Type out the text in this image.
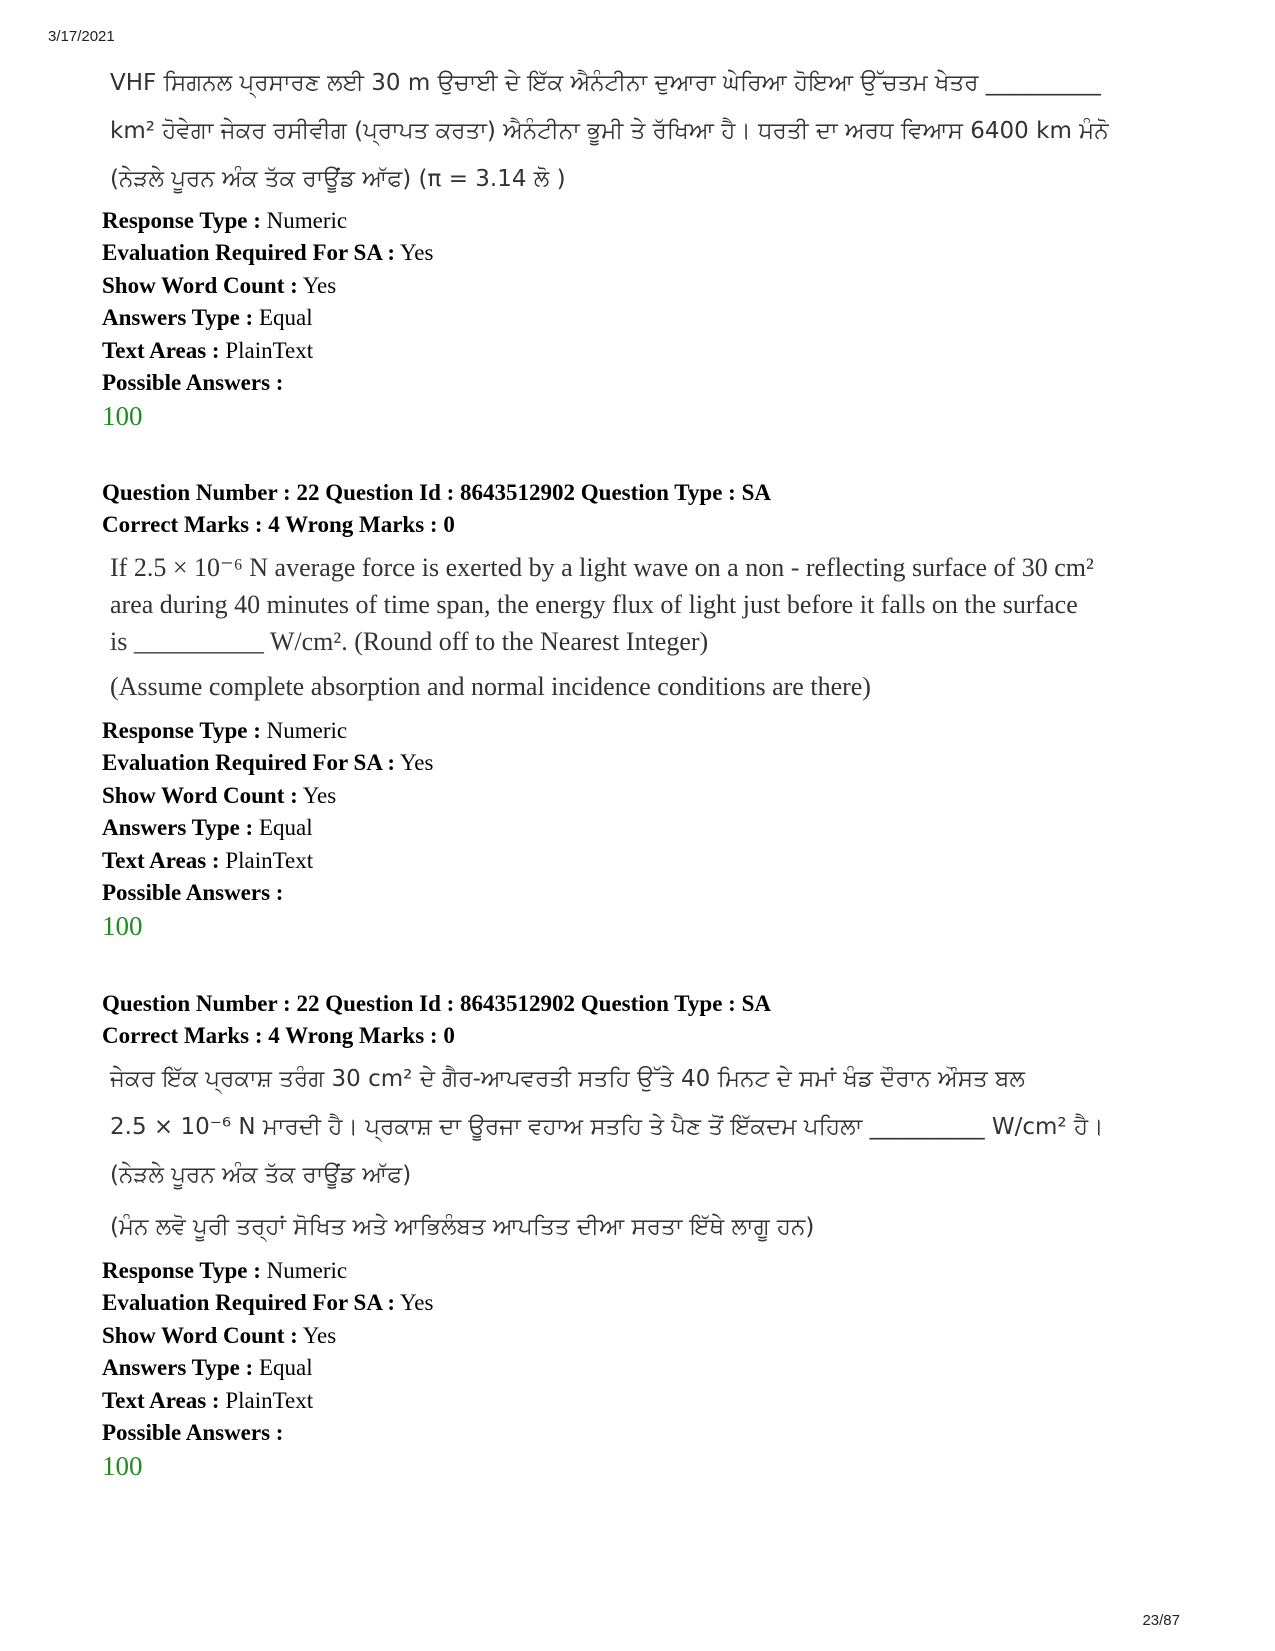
3/17/2021
VHF ਸਿਗਨਲ ਪ੍ਰਸਾਰਣ ਲਈ 30 m ਉਚਾਈ ਦੇ ਇੱਕ ਐਨੰਟੀਨਾ ਦੁਆਰਾ ਘੇਰਿਆ ਹੋਇਆ ਉੱਚਤਮ ਖੇਤਰ __________
km² ਹੋਵੇਗਾ ਜੇਕਰ ਰਸੀਵੀਗ (ਪ੍ਰਾਪਤ ਕਰਤਾ) ਐਨੰਟੀਨਾ ਭੂਮੀ ਤੇ ਰੱਖਿਆ ਹੈ। ਧਰਤੀ ਦਾ ਅਰਧ ਵਿਆਸ 6400 km ਮੰਨੋ
(ਨੇੜਲੇ ਪੂਰਨ ਅੰਕ ਤੱਕ ਰਾਊਂਡ ਆੱਫ) (π = 3.14 ਲੋ )
Response Type : Numeric
Evaluation Required For SA : Yes
Show Word Count : Yes
Answers Type : Equal
Text Areas : PlainText
Possible Answers :
100
Question Number : 22 Question Id : 8643512902 Question Type : SA
Correct Marks : 4 Wrong Marks : 0
If 2.5 × 10⁻⁶ N average force is exerted by a light wave on a non - reflecting surface of 30 cm²
area during 40 minutes of time span, the energy flux of light just before it falls on the surface
is __________ W/cm². (Round off to the Nearest Integer)
(Assume complete absorption and normal incidence conditions are there)
Response Type : Numeric
Evaluation Required For SA : Yes
Show Word Count : Yes
Answers Type : Equal
Text Areas : PlainText
Possible Answers :
100
Question Number : 22 Question Id : 8643512902 Question Type : SA
Correct Marks : 4 Wrong Marks : 0
ਜੇਕਰ ਇੱਕ ਪ੍ਰਕਾਸ਼ ਤਰੰਗ 30 cm² ਦੇ ਗੈਰ-ਆਪਵਰਤੀ ਸਤਹਿ ਉੱਤੇ 40 ਮਿਨਟ ਦੇ ਸਮਾਂ ਖੰਡ ਦੌਰਾਨ ਔਸਤ ਬਲ
2.5 × 10⁻⁶ N ਮਾਰਦੀ ਹੈ। ਪ੍ਰਕਾਸ਼ ਦਾ ਊਰਜਾ ਵਹਾਅ ਸਤਹਿ ਤੇ ਪੈਣ ਤੋਂ ਇੱਕਦਮ ਪਹਿਲਾ __________ W/cm² ਹੈ।
(ਨੇੜਲੇ ਪੂਰਨ ਅੰਕ ਤੱਕ ਰਾਊਂਡ ਆੱਫ)
(ਮੰਨ ਲਵੋ ਪੂਰੀ ਤਰ੍ਹਾਂ ਸੋਖਿਤ ਅਤੇ ਆਭਿਲੰਬਤ ਆਪਤਿਤ ਦੀਆ ਸਰਤਾ ਇੱਥੇ ਲਾਗੂ ਹਨ)
Response Type : Numeric
Evaluation Required For SA : Yes
Show Word Count : Yes
Answers Type : Equal
Text Areas : PlainText
Possible Answers :
100
23/87
